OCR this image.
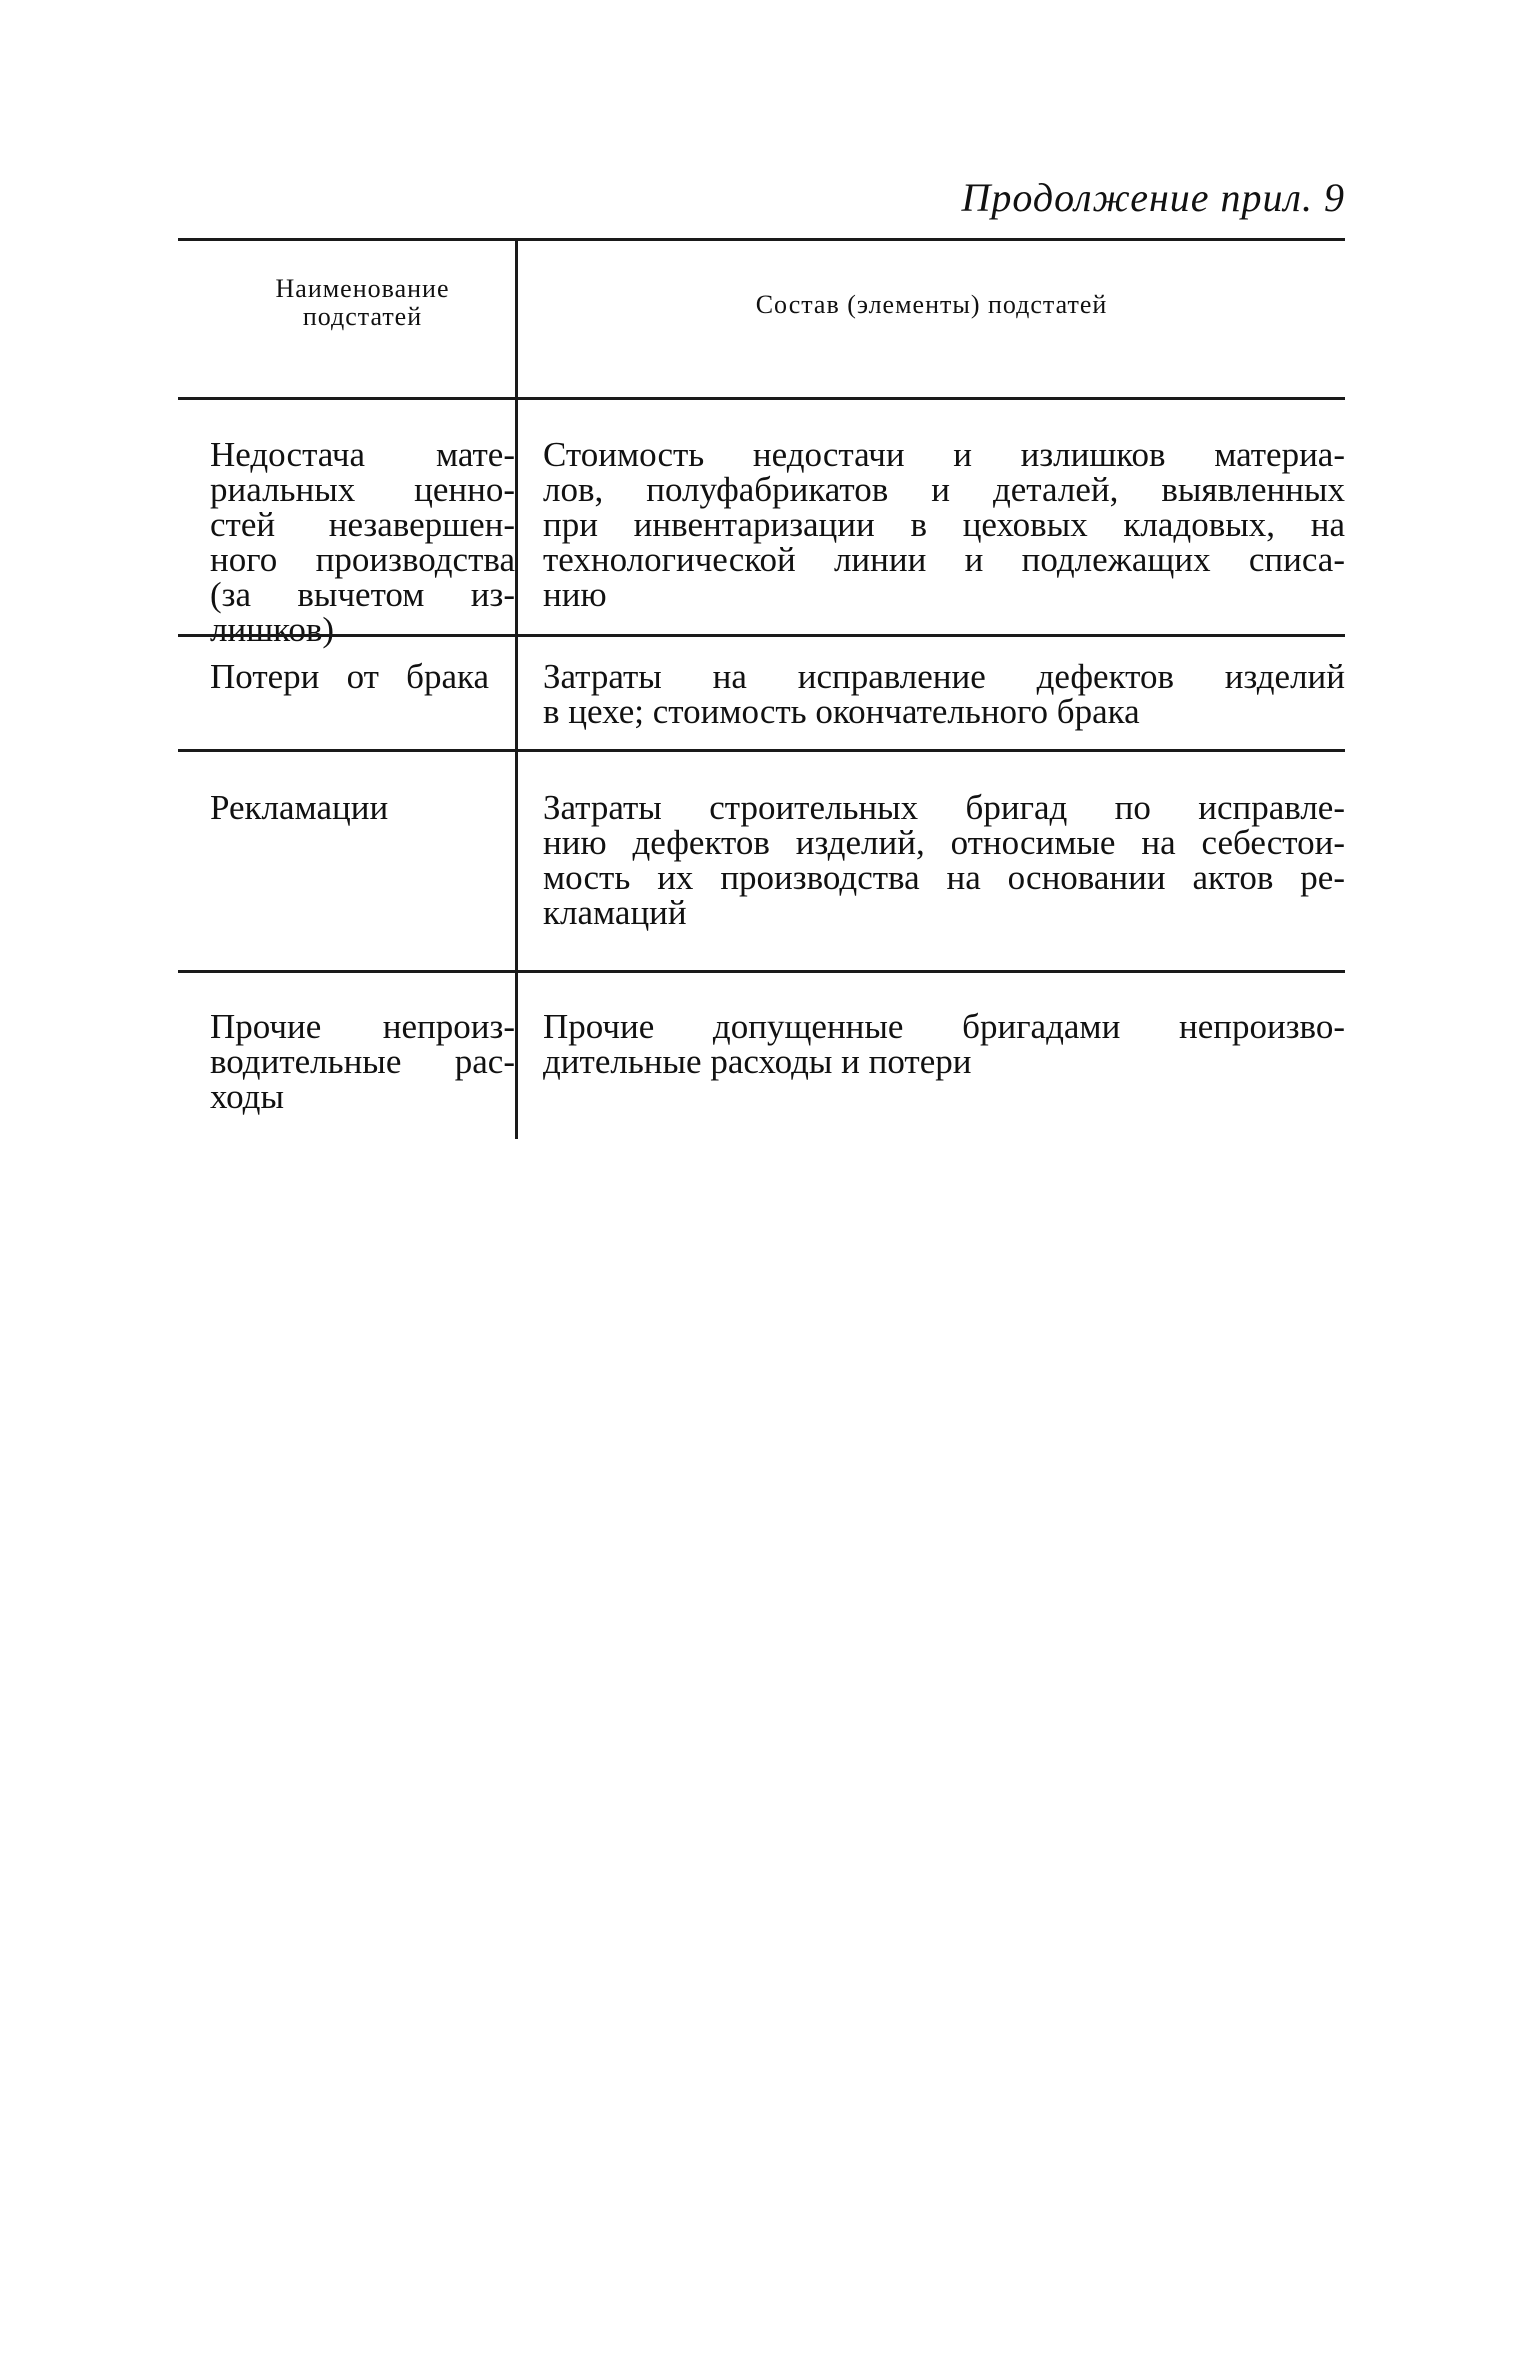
Продолжение прил. 9
Наименование
подстатей	Состав (элементы) подстатей
Недостача мате-
риальных ценно-
стей незавершен-
ного производства
(за вычетом из-
лишков)
Стоимость недостачи и излишков материа-
лов, полуфабрикатов и деталей, выявленных
при инвентаризации в цеховых кладовых, на
технологической линии и подлежащих списа-
нию
Потери от брака Затраты на исправление дефектов изделий
в цехе; стоимость окончательного брака
Рекламации	Затраты строительных бригад по исправле-
нию дефектов изделий, относимые на себестои-
мость их производства на основании актов ре-
кламаций
Прочие непроиз-
водительные рас-
ходы
Прочие допущенные бригадами непроизво-
дительные расходы и потери
